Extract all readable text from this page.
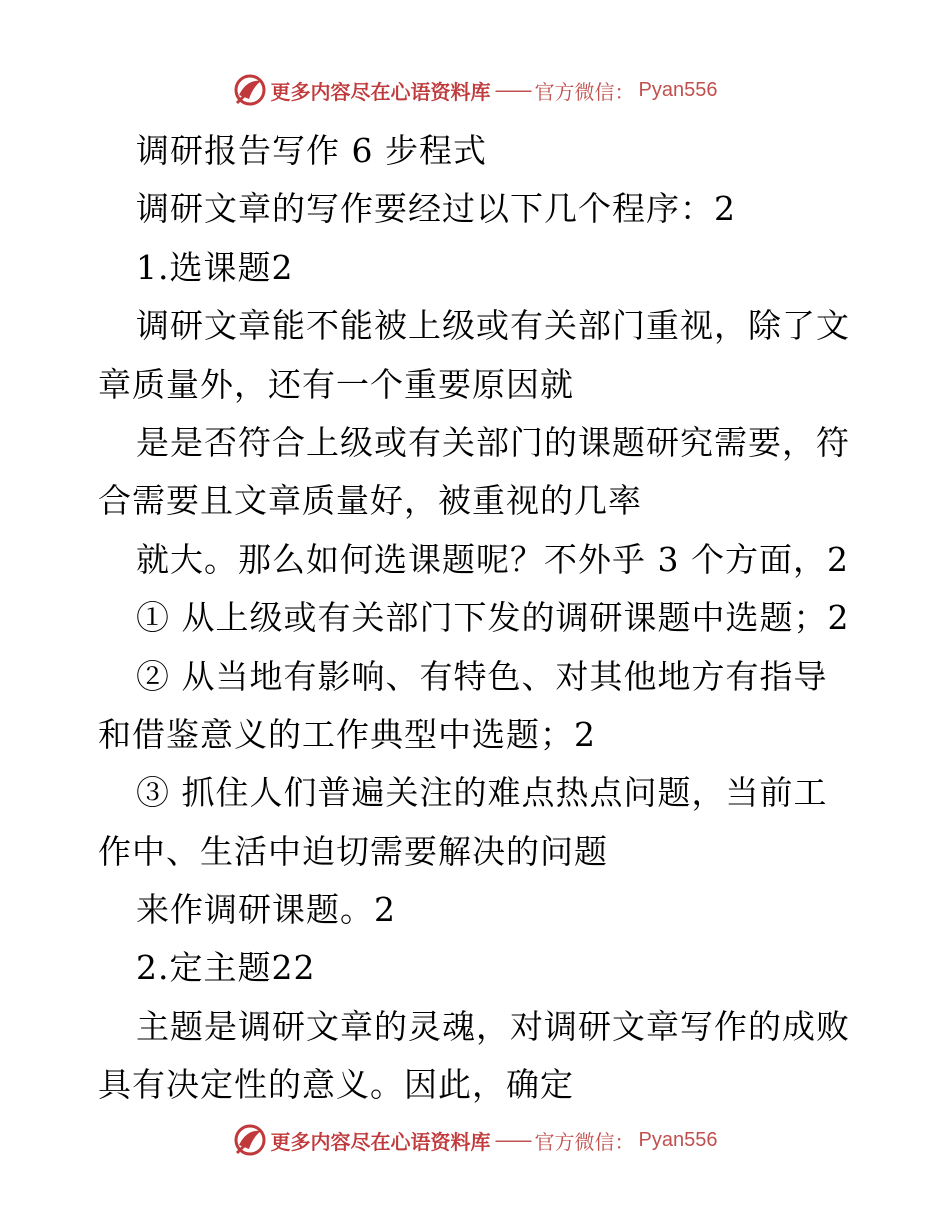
更多内容尽在心语资料库 —— 官方微信： Pyan556
调研报告写作 6 步程式
调研文章的写作要经过以下几个程序：2
1.选课题2
调研文章能不能被上级或有关部门重视，除了文
章质量外，还有一个重要原因就
是是否符合上级或有关部门的课题研究需要，符
合需要且文章质量好，被重视的几率
就大。那么如何选课题呢？不外乎 3 个方面，2
① 从上级或有关部门下发的调研课题中选题；2
② 从当地有影响、有特色、对其他地方有指导
和借鉴意义的工作典型中选题；2
③ 抓住人们普遍关注的难点热点问题，当前工
作中、生活中迫切需要解决的问题
来作调研课题。2
2.定主题22
主题是调研文章的灵魂，对调研文章写作的成败
具有决定性的意义。因此，确定
更多内容尽在心语资料库 —— 官方微信： Pyan556
